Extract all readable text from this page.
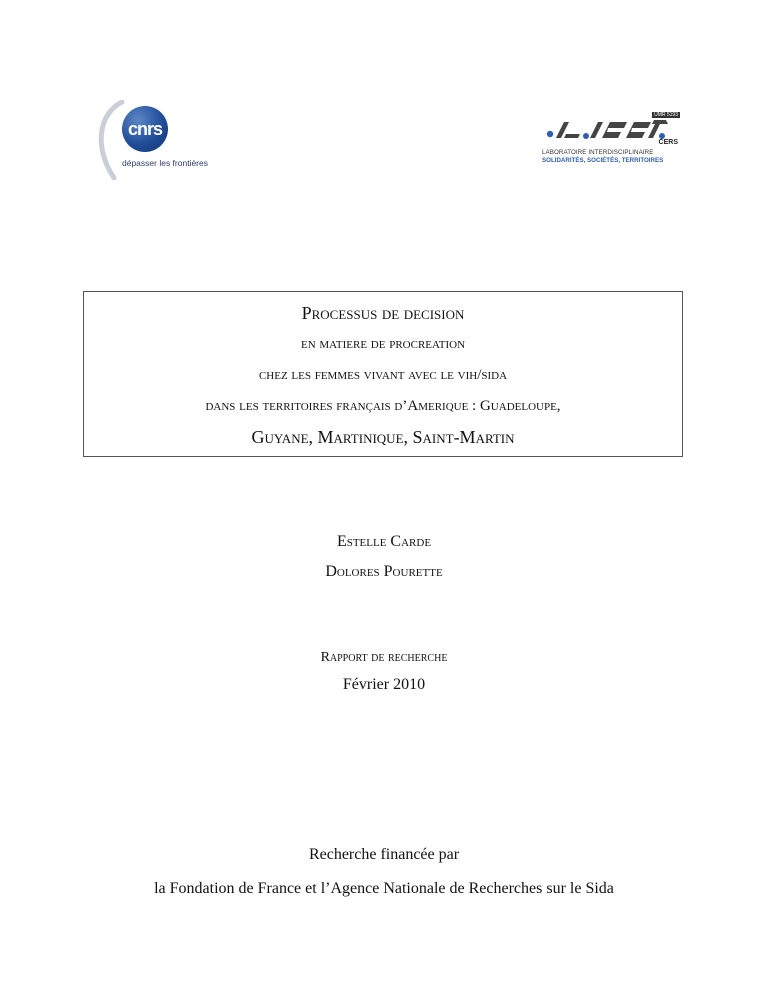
cnrs
dépasser les frontières
UMR 5193
CERS
LABORATOIRE INTERDISCIPLINAIRE
SOLIDARITÉS, SOCIÉTÉS, TERRITOIRES
Processus de decision
en matiere de procreation
chez les femmes vivant avec le vih/sida
dans les territoires français d’Amerique : Guadeloupe,
Guyane, Martinique, Saint-Martin
Estelle Carde
Dolores Pourette
Rapport de recherche
Février 2010
Recherche financée par
la Fondation de France et l’Agence Nationale de Recherches sur le Sida
